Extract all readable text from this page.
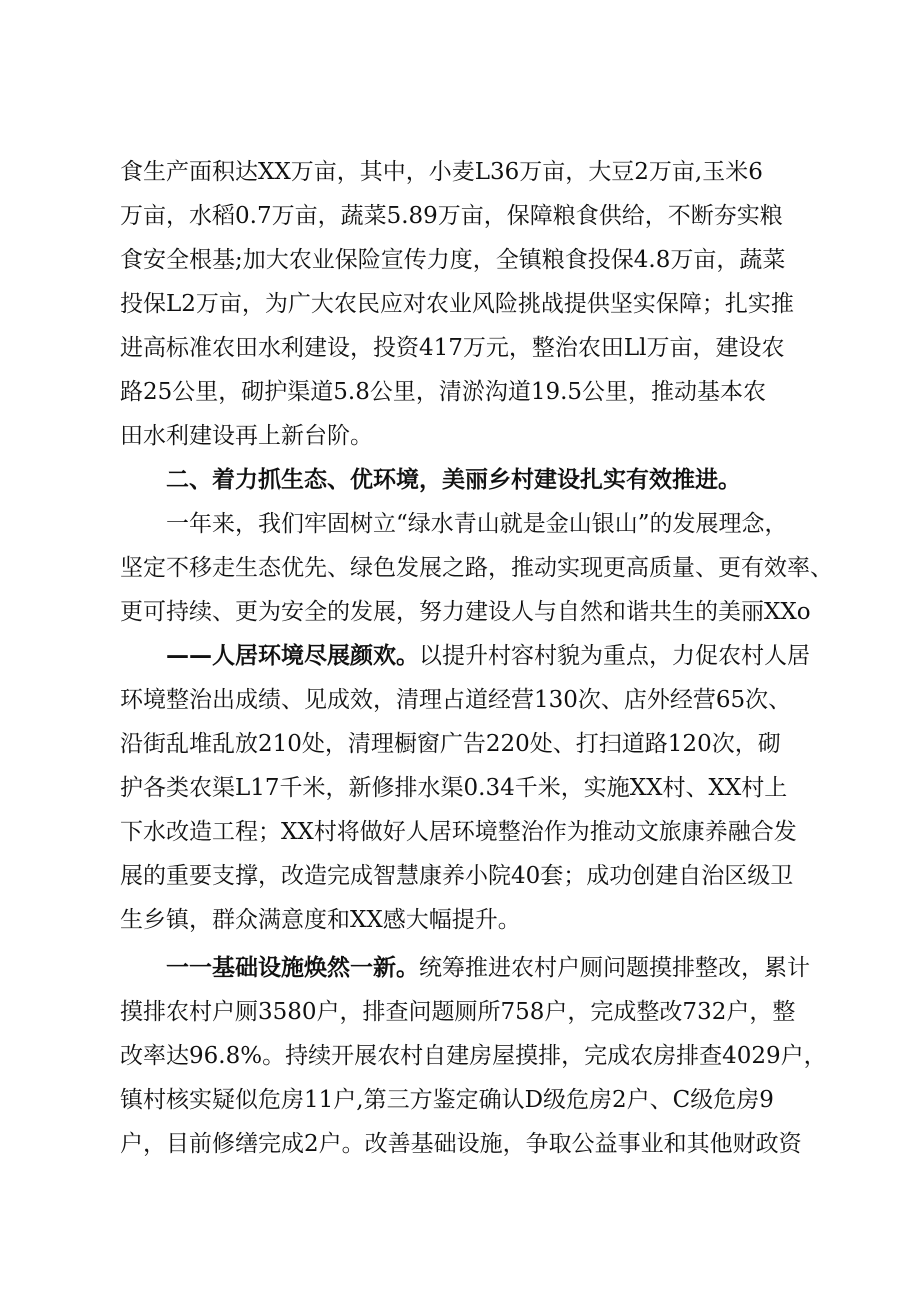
食生产面积达XX万亩，其中，小麦L36万亩，大豆2万亩,玉米6
万亩，水稻0.7万亩，蔬菜5.89万亩，保障粮食供给，不断夯实粮
食安全根基;加大农业保险宣传力度，全镇粮食投保4.8万亩，蔬菜
投保L2万亩，为广大农民应对农业风险挑战提供坚实保障；扎实推
进高标准农田水利建设，投资417万元，整治农田Ll万亩，建设农
路25公里，砌护渠道5.8公里，清淤沟道19.5公里，推动基本农
田水利建设再上新台阶。
二、着力抓生态、优环境，美丽乡村建设扎实有效推进。
一年来，我们牢固树立“绿水青山就是金山银山”的发展理念，
坚定不移走生态优先、绿色发展之路，推动实现更高质量、更有效率、
更可持续、更为安全的发展，努力建设人与自然和谐共生的美丽XXo
——人居环境尽展颜欢。以提升村容村貌为重点，力促农村人居
环境整治出成绩、见成效，清理占道经营130次、店外经营65次、
沿街乱堆乱放210处，清理橱窗广告220处、打扫道路120次，砌
护各类农渠L17千米，新修排水渠0.34千米，实施XX村、XX村上
下水改造工程；XX村将做好人居环境整治作为推动文旅康养融合发
展的重要支撑，改造完成智慧康养小院40套；成功创建自治区级卫
生乡镇，群众满意度和XX感大幅提升。
一一基础设施焕然一新。统筹推进农村户厕问题摸排整改，累计
摸排农村户厕3580户，排查问题厕所758户，完成整改732户，整
改率达96.8%。持续开展农村自建房屋摸排，完成农房排查4029户，
镇村核实疑似危房11户,第三方鉴定确认D级危房2户、C级危房9
户，目前修缮完成2户。改善基础设施，争取公益事业和其他财政资
